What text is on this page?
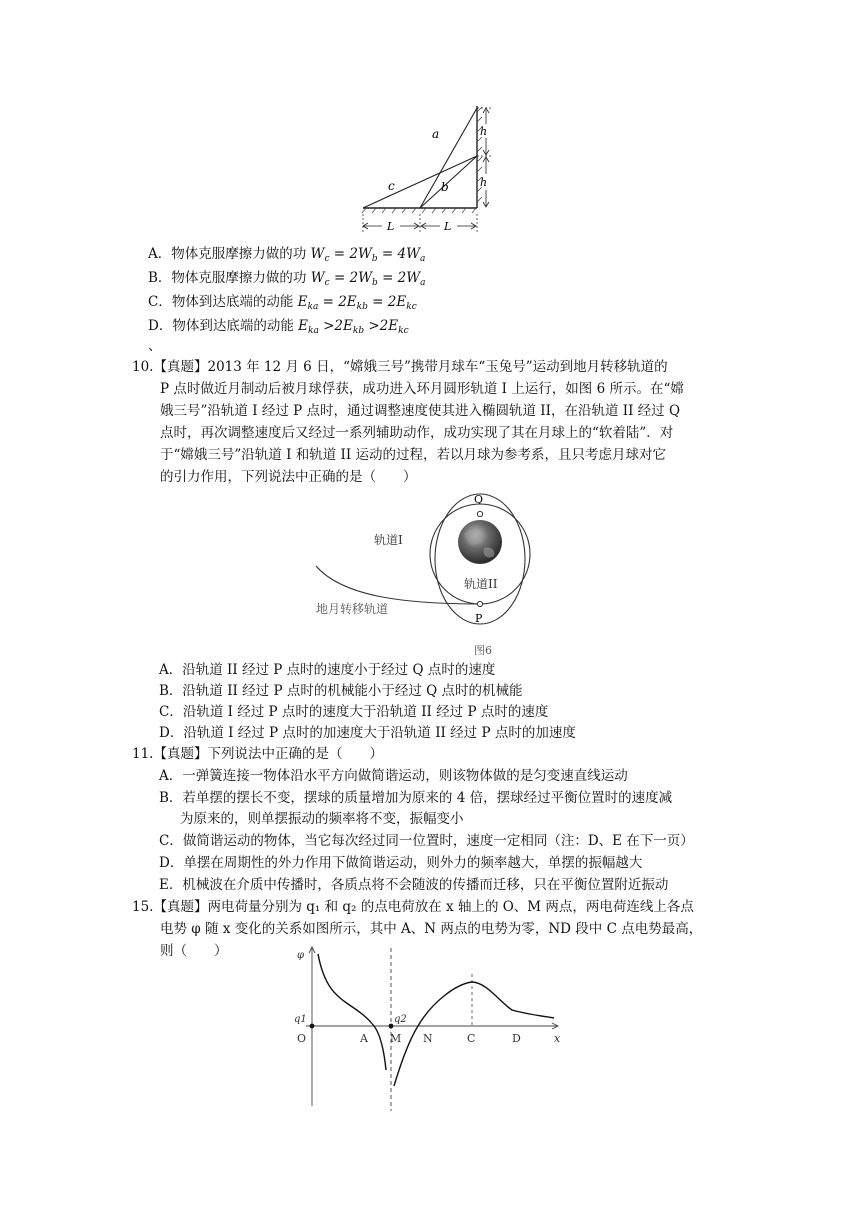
h
h
a
b
c
L	L
A．物体克服摩擦力做的功 $W_c = 2W_b = 4W_a$
B．物体克服摩擦力做的功 $W_c = 2W_b = 2W_a$
C．物体到达底端的动能 $E_{ka} = 2E_{kb} = 2E_{kc}$
D．物体到达底端的动能 $E_{ka} >2E_{kb} >2E_{kc}$
、
10.【真题】2013 年 12 月 6 日，“嫦娥三号”携带月球车“玉兔号”运动到地月转移轨道的
P 点时做近月制动后被月球俘获，成功进入环月圆形轨道 I 上运行，如图 6 所示。在“嫦
娥三号”沿轨道 I 经过 P 点时，通过调整速度使其进入椭圆轨道 II，在沿轨道 II 经过 Q
点时，再次调整速度后又经过一系列辅助动作，成功实现了其在月球上的“软着陆”．对
于“嫦娥三号”沿轨道 I 和轨道 II 运动的过程，若以月球为参考系，且只考虑月球对它
的引力作用，下列说法中正确的是（　　）
Q
P
轨道I
轨道II
地月转移轨道
图6
A．沿轨道 II 经过 P 点时的速度小于经过 Q 点时的速度
B．沿轨道 II 经过 P 点时的机械能小于经过 Q 点时的机械能
C．沿轨道 I 经过 P 点时的速度大于沿轨道 II 经过 P 点时的速度
D．沿轨道 I 经过 P 点时的加速度大于沿轨道 II 经过 P 点时的加速度
11.【真题】下列说法中正确的是（　　）
A．一弹簧连接一物体沿水平方向做简谐运动，则该物体做的是匀变速直线运动
B．若单摆的摆长不变，摆球的质量增加为原来的 4 倍，摆球经过平衡位置时的速度减
为原来的，则单摆振动的频率将不变，振幅变小
C．做简谐运动的物体，当它每次经过同一位置时，速度一定相同（注：D、E 在下一页）
D．单摆在周期性的外力作用下做简谐运动，则外力的频率越大，单摆的振幅越大
E．机械波在介质中传播时，各质点将不会随波的传播而迁移，只在平衡位置附近振动
15.【真题】两电荷量分别为 q₁ 和 q₂ 的点电荷放在 x 轴上的 O、M 两点，两电荷连线上各点
电势 φ 随 x 变化的关系如图所示，其中 A、N 两点的电势为零，ND 段中 C 点电势最高，
则（　　）	φ
q1	q2
O	A M N	C	D	x
